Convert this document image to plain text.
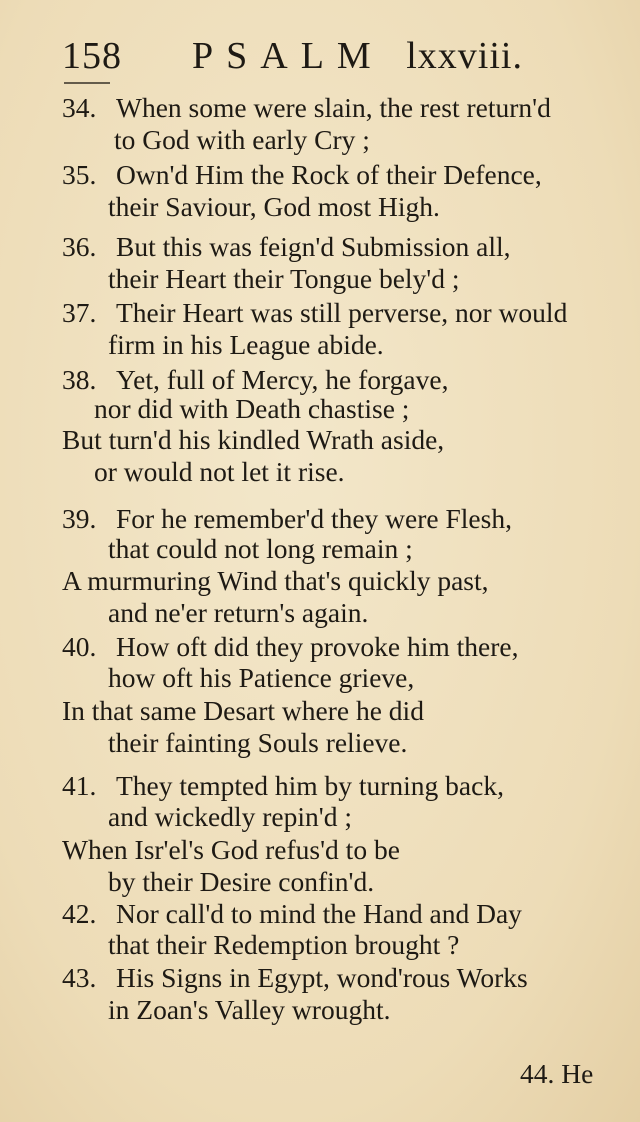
158 PSALM lxxviii.
34. When some were slain, the rest return'd
to God with early Cry ;
35. Own'd Him the Rock of their Defence,
their Saviour, God most High.
36. But this was feign'd Submission all,
their Heart their Tongue bely'd ;
37. Their Heart was still perverse, nor would
firm in his League abide.
38. Yet, full of Mercy, he forgave,
nor did with Death chastise ;
But turn'd his kindled Wrath aside,
or would not let it rise.
39. For he remember'd they were Flesh,
that could not long remain ;
A murmuring Wind that's quickly past,
and ne'er return's again.
40. How oft did they provoke him there,
how oft his Patience grieve,
In that same Desart where he did
their fainting Souls relieve.
41. They tempted him by turning back,
and wickedly repin'd ;
When Isr'el's God refus'd to be
by their Desire confin'd.
42. Nor call'd to mind the Hand and Day
that their Redemption brought ?
43. His Signs in Egypt, wond'rous Works
in Zoan's Valley wrought.
44. He
